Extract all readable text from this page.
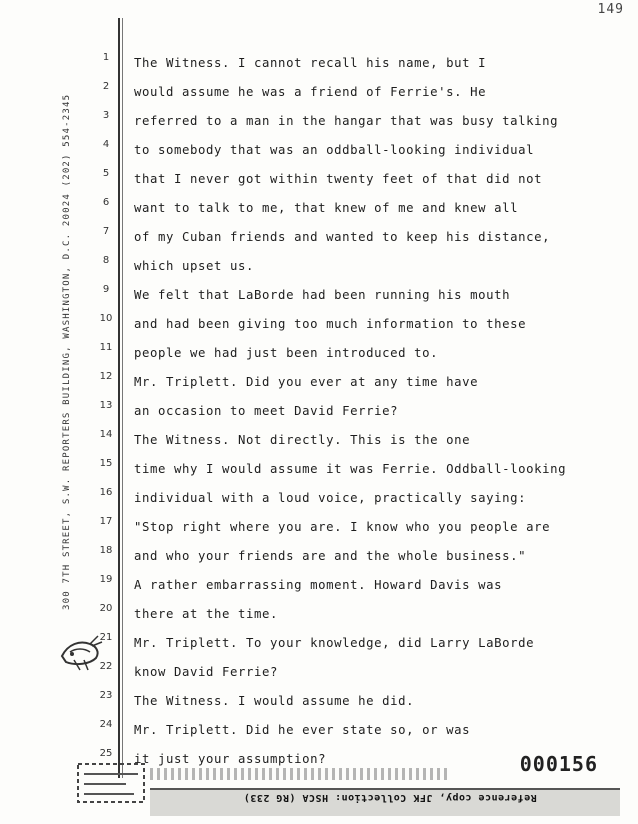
149
300 7TH STREET, S.W. REPORTERS BUILDING, WASHINGTON, D.C. 20024 (202) 554-2345
1
2
3
4
5
6
7
8
9
10
11
12
13
14
15
16
17
18
19
20
21
22
23
24
25
The Witness. I cannot recall his name, but I
would assume he was a friend of Ferrie's. He
referred to a man in the hangar that was busy talking
to somebody that was an oddball-looking individual
that I never got within twenty feet of that did not
want to talk to me, that knew of me and knew all
of my Cuban friends and wanted to keep his distance,
which upset us.
We felt that LaBorde had been running his mouth
and had been giving too much information to these
people we had just been introduced to.
Mr. Triplett. Did you ever at any time have
an occasion to meet David Ferrie?
The Witness. Not directly. This is the one
time why I would assume it was Ferrie. Oddball-looking
individual with a loud voice, practically saying:
"Stop right where you are. I know who you people are
and who your friends are and the whole business."
A rather embarrassing moment. Howard Davis was
there at the time.
Mr. Triplett. To your knowledge, did Larry LaBorde
know David Ferrie?
The Witness. I would assume he did.
Mr. Triplett. Did he ever state so, or was
it just your assumption?	000156
Reference copy, JFK Collection: HSCA (RG 233)
